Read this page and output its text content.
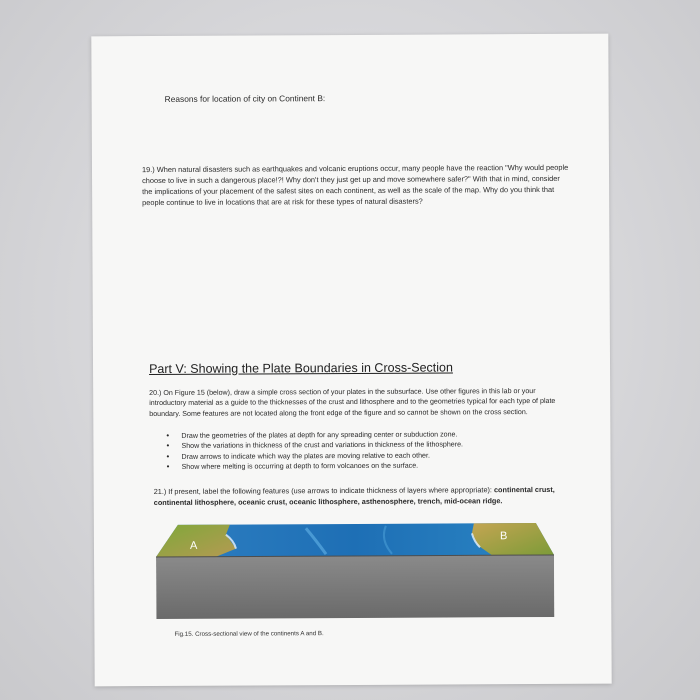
Reasons for location of city on Continent B:
19.) When natural disasters such as earthquakes and volcanic eruptions occur, many people have the reaction "Why would people choose to live in such a dangerous place!?! Why don't they just get up and move somewhere safer?" With that in mind, consider the implications of your placement of the safest sites on each continent, as well as the scale of the map. Why do you think that people continue to live in locations that are at risk for these types of natural disasters?
Part V: Showing the Plate Boundaries in Cross-Section
20.) On Figure 15 (below), draw a simple cross section of your plates in the subsurface. Use other figures in this lab or your introductory material as a guide to the thicknesses of the crust and lithosphere and to the geometries typical for each type of plate boundary. Some features are not located along the front edge of the figure and so cannot be shown on the cross section.
• Draw the geometries of the plates at depth for any spreading center or subduction zone.
• Show the variations in thickness of the crust and variations in thickness of the lithosphere.
• Draw arrows to indicate which way the plates are moving relative to each other.
• Show where melting is occurring at depth to form volcanoes on the surface.
21.) If present, label the following features (use arrows to indicate thickness of layers where appropriate): continental crust, continental lithosphere, oceanic crust, oceanic lithosphere, asthenosphere, trench, mid-ocean ridge.
A
B
Fig.15. Cross-sectional view of the continents A and B.
